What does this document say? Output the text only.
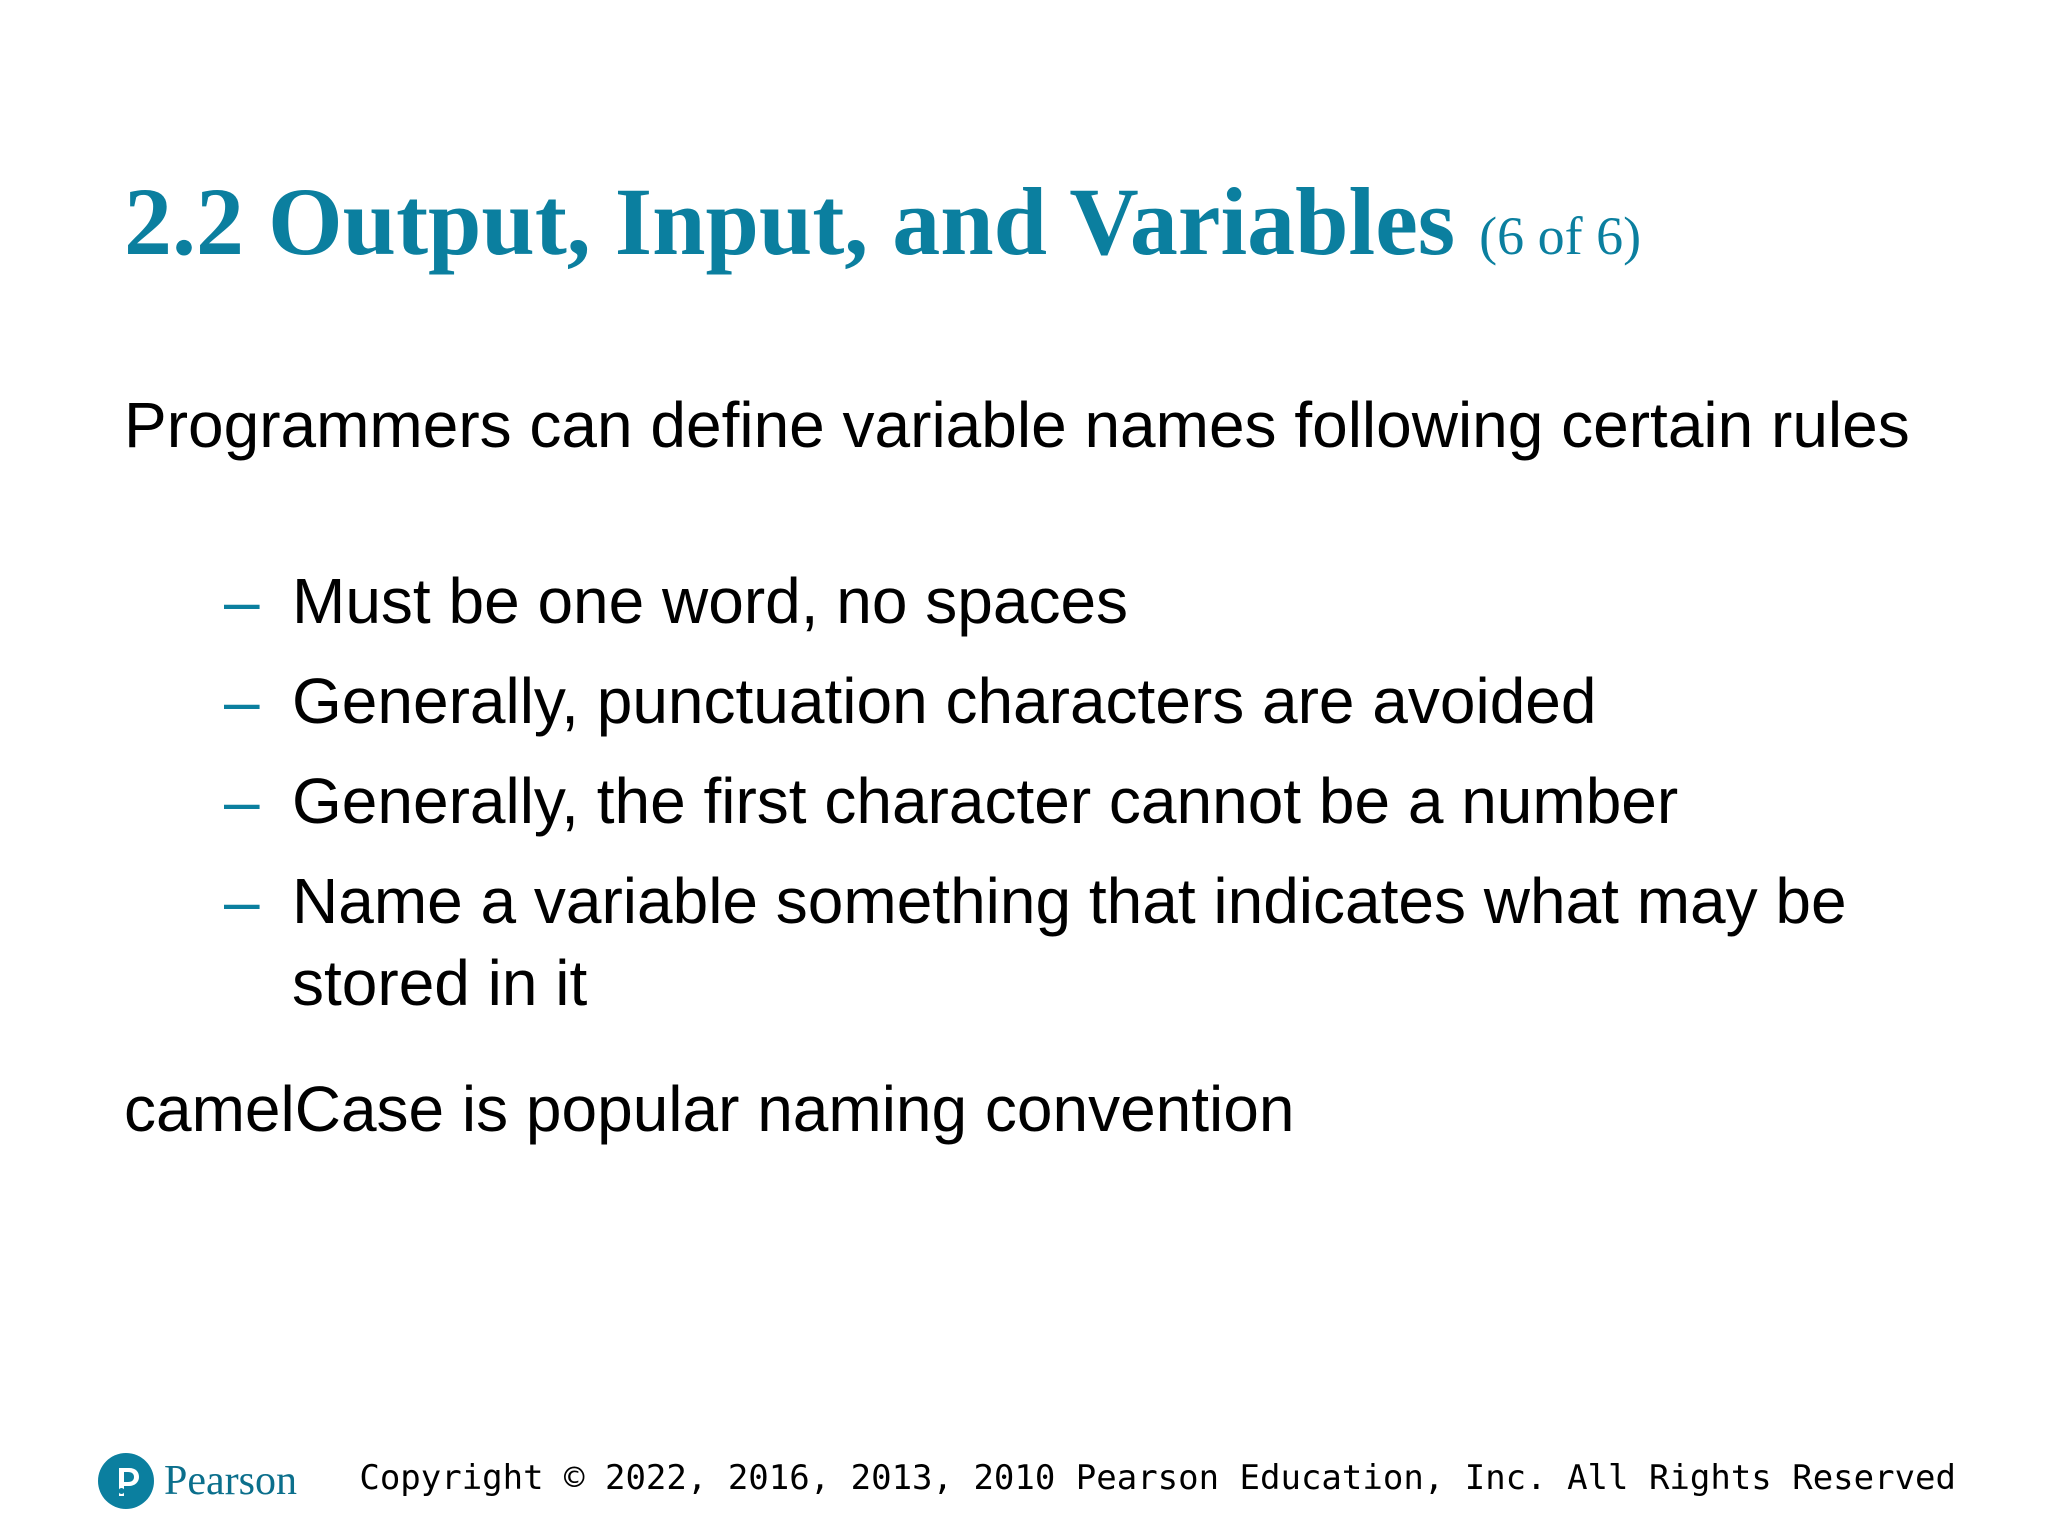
2.2 Output, Input, and Variables (6 of 6)
Programmers can define variable names following certain rules
– Must be one word, no spaces
– Generally, punctuation characters are avoided
– Generally, the first character cannot be a number
– Name a variable something that indicates what may be stored in it
camelCase is popular naming convention
Pearson Copyright © 2022, 2016, 2013, 2010 Pearson Education, Inc. All Rights Reserved
